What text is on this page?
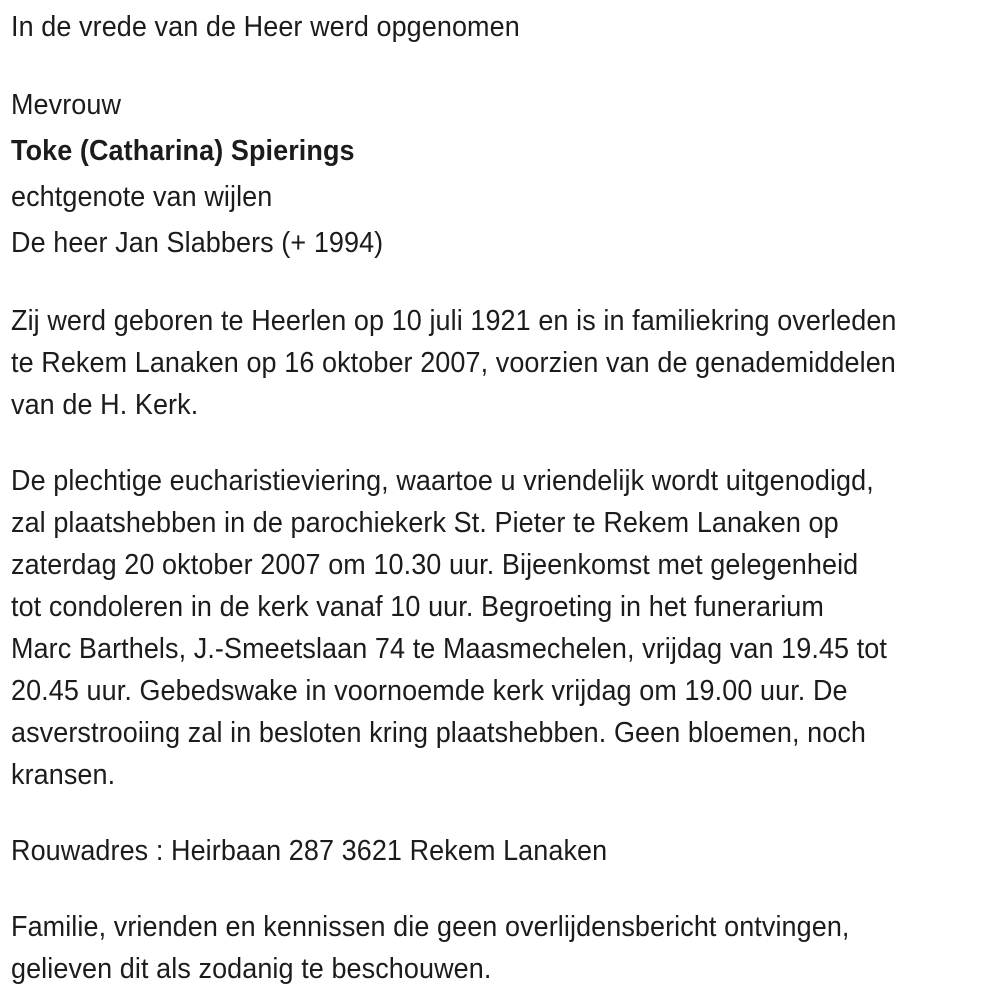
In de vrede van de Heer werd opgenomen
Mevrouw
Toke (Catharina) Spierings
echtgenote van wijlen
De heer Jan Slabbers (+ 1994)
Zij werd geboren te Heerlen op 10 juli 1921 en is in familiekring overleden
te Rekem Lanaken op 16 oktober 2007, voorzien van de genademiddelen
van de H. Kerk.
De plechtige eucharistieviering, waartoe u vriendelijk wordt uitgenodigd,
zal plaatshebben in de parochiekerk St. Pieter te Rekem Lanaken op
zaterdag 20 oktober 2007 om 10.30 uur. Bijeenkomst met gelegenheid
tot condoleren in de kerk vanaf 10 uur. Begroeting in het funerarium
Marc Barthels, J.-Smeetslaan 74 te Maasmechelen, vrijdag van 19.45 tot
20.45 uur. Gebedswake in voornoemde kerk vrijdag om 19.00 uur. De
asverstrooiing zal in besloten kring plaatshebben. Geen bloemen, noch
kransen.
Rouwadres : Heirbaan 287 3621 Rekem Lanaken
Familie, vrienden en kennissen die geen overlijdensbericht ontvingen,
gelieven dit als zodanig te beschouwen.
